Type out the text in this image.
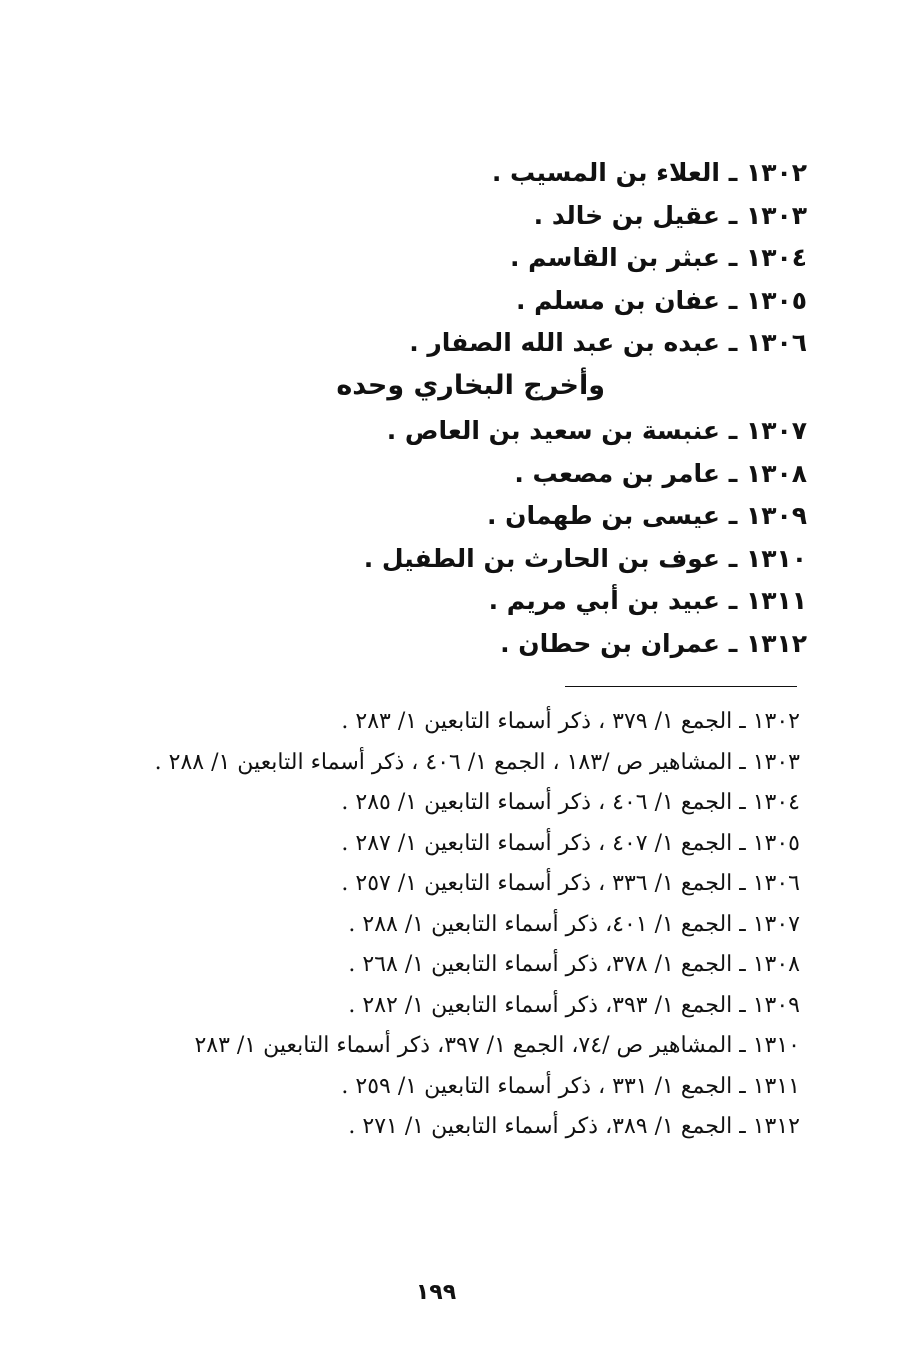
١٣٠٢ ـ العلاء بن المسيب .
١٣٠٣ ـ عقيل بن خالد .
١٣٠٤ ـ عبثر بن القاسم .
١٣٠٥ ـ عفان بن مسلم .
١٣٠٦ ـ عبده بن عبد الله الصفار .
وأخرج البخاري وحده
١٣٠٧ ـ عنبسة بن سعيد بن العاص .
١٣٠٨ ـ عامر بن مصعب .
١٣٠٩ ـ عيسى بن طهمان .
١٣١٠ ـ عوف بن الحارث بن الطفيل .
١٣١١ ـ عبيد بن أبي مريم .
١٣١٢ ـ عمران بن حطان .
١٣٠٢ ـ الجمع ١/ ٣٧٩ ، ذكر أسماء التابعين ١/ ٢٨٣ .
١٣٠٣ ـ المشاهير ص /١٨٣ ، الجمع ١/ ٤٠٦ ، ذكر أسماء التابعين ١/ ٢٨٨ .
١٣٠٤ ـ الجمع ١/ ٤٠٦ ، ذكر أسماء التابعين ١/ ٢٨٥ .
١٣٠٥ ـ الجمع ١/ ٤٠٧ ، ذكر أسماء التابعين ١/ ٢٨٧ .
١٣٠٦ ـ الجمع ١/ ٣٣٦ ، ذكر أسماء التابعين ١/ ٢٥٧ .
١٣٠٧ ـ الجمع ١/ ٤٠١، ذكر أسماء التابعين ١/ ٢٨٨ .
١٣٠٨ ـ الجمع ١/ ٣٧٨، ذكر أسماء التابعين ١/ ٢٦٨ .
١٣٠٩ ـ الجمع ١/ ٣٩٣، ذكر أسماء التابعين ١/ ٢٨٢ .
١٣١٠ ـ المشاهير ص /٧٤، الجمع ١/ ٣٩٧، ذكر أسماء التابعين ١/ ٢٨٣
١٣١١ ـ الجمع ١/ ٣٣١ ، ذكر أسماء التابعين ١/ ٢٥٩ .
١٣١٢ ـ الجمع ١/ ٣٨٩، ذكر أسماء التابعين ١/ ٢٧١ .
١٩٩
